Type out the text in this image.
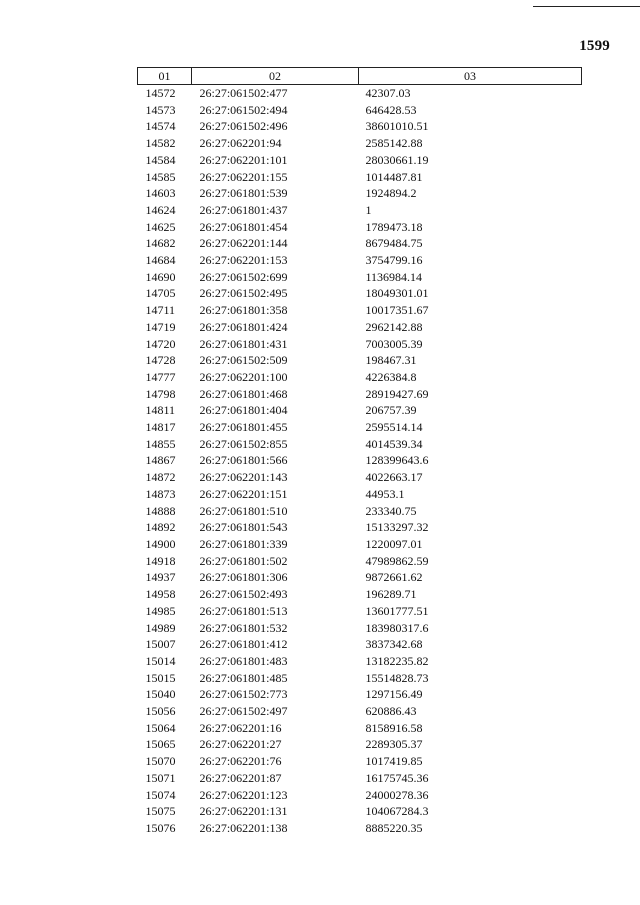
1599
01	02	03
14572	26:27:061502:477	42307.03
14573	26:27:061502:494	646428.53
14574	26:27:061502:496	38601010.51
14582	26:27:062201:94	2585142.88
14584	26:27:062201:101	28030661.19
14585	26:27:062201:155	1014487.81
14603	26:27:061801:539	1924894.2
14624	26:27:061801:437	1
14625	26:27:061801:454	1789473.18
14682	26:27:062201:144	8679484.75
14684	26:27:062201:153	3754799.16
14690	26:27:061502:699	1136984.14
14705	26:27:061502:495	18049301.01
14711	26:27:061801:358	10017351.67
14719	26:27:061801:424	2962142.88
14720	26:27:061801:431	7003005.39
14728	26:27:061502:509	198467.31
14777	26:27:062201:100	4226384.8
14798	26:27:061801:468	28919427.69
14811	26:27:061801:404	206757.39
14817	26:27:061801:455	2595514.14
14855	26:27:061502:855	4014539.34
14867	26:27:061801:566	128399643.6
14872	26:27:062201:143	4022663.17
14873	26:27:062201:151	44953.1
14888	26:27:061801:510	233340.75
14892	26:27:061801:543	15133297.32
14900	26:27:061801:339	1220097.01
14918	26:27:061801:502	47989862.59
14937	26:27:061801:306	9872661.62
14958	26:27:061502:493	196289.71
14985	26:27:061801:513	13601777.51
14989	26:27:061801:532	183980317.6
15007	26:27:061801:412	3837342.68
15014	26:27:061801:483	13182235.82
15015	26:27:061801:485	15514828.73
15040	26:27:061502:773	1297156.49
15056	26:27:061502:497	620886.43
15064	26:27:062201:16	8158916.58
15065	26:27:062201:27	2289305.37
15070	26:27:062201:76	1017419.85
15071	26:27:062201:87	16175745.36
15074	26:27:062201:123	24000278.36
15075	26:27:062201:131	104067284.3
15076	26:27:062201:138	8885220.35
